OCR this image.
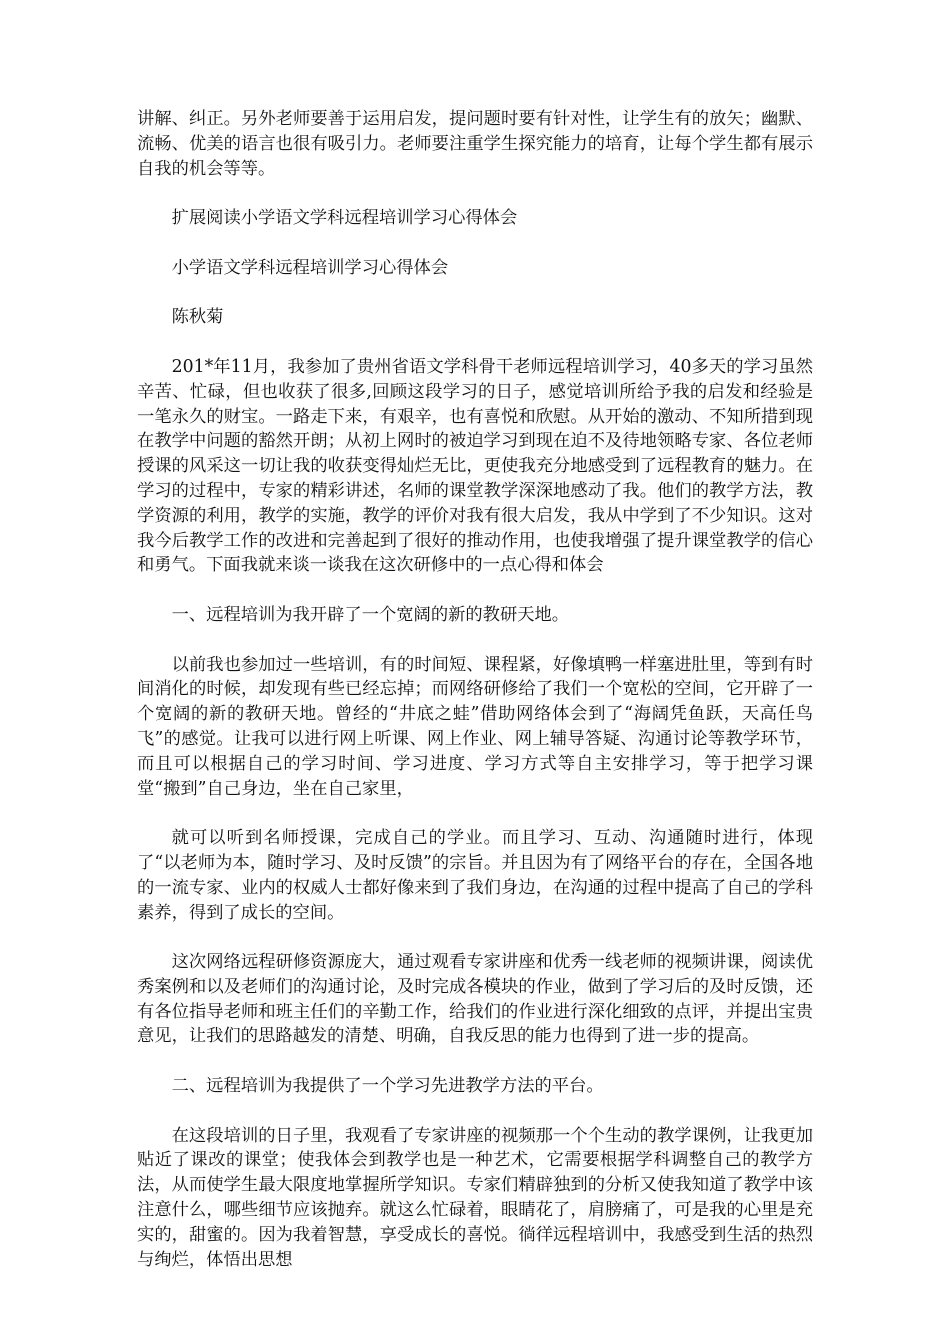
讲解、纠正。另外老师要善于运用启发，提问题时要有针对性，让学生有的放矢；幽默、流畅、优美的语言也很有吸引力。老师要注重学生探究能力的培育，让每个学生都有展示自我的机会等等。

扩展阅读小学语文学科远程培训学习心得体会

小学语文学科远程培训学习心得体会

陈秋菊

201*年11月，我参加了贵州省语文学科骨干老师远程培训学习，40多天的学习虽然辛苦、忙碌，但也收获了很多,回顾这段学习的日子，感觉培训所给予我的启发和经验是一笔永久的财宝。一路走下来，有艰辛，也有喜悦和欣慰。从开始的激动、不知所措到现在教学中问题的豁然开朗；从初上网时的被迫学习到现在迫不及待地领略专家、各位老师授课的风采这一切让我的收获变得灿烂无比，更使我充分地感受到了远程教育的魅力。在学习的过程中，专家的精彩讲述，名师的课堂教学深深地感动了我。他们的教学方法，教学资源的利用，教学的实施，教学的评价对我有很大启发，我从中学到了不少知识。这对我今后教学工作的改进和完善起到了很好的推动作用，也使我增强了提升课堂教学的信心和勇气。下面我就来谈一谈我在这次研修中的一点心得和体会

一、远程培训为我开辟了一个宽阔的新的教研天地。

以前我也参加过一些培训，有的时间短、课程紧，好像填鸭一样塞进肚里，等到有时间消化的时候，却发现有些已经忘掉；而网络研修给了我们一个宽松的空间，它开辟了一个宽阔的新的教研天地。曾经的“井底之蛙”借助网络体会到了“海阔凭鱼跃，天高任鸟飞”的感觉。让我可以进行网上听课、网上作业、网上辅导答疑、沟通讨论等教学环节，而且可以根据自己的学习时间、学习进度、学习方式等自主安排学习，等于把学习课堂“搬到”自己身边，坐在自己家里，

就可以听到名师授课，完成自己的学业。而且学习、互动、沟通随时进行，体现了“以老师为本，随时学习、及时反馈”的宗旨。并且因为有了网络平台的存在，全国各地的一流专家、业内的权威人士都好像来到了我们身边，在沟通的过程中提高了自己的学科素养，得到了成长的空间。

这次网络远程研修资源庞大，通过观看专家讲座和优秀一线老师的视频讲课，阅读优秀案例和以及老师们的沟通讨论，及时完成各模块的作业，做到了学习后的及时反馈，还有各位指导老师和班主任们的辛勤工作，给我们的作业进行深化细致的点评，并提出宝贵意见，让我们的思路越发的清楚、明确，自我反思的能力也得到了进一步的提高。

二、远程培训为我提供了一个学习先进教学方法的平台。

在这段培训的日子里，我观看了专家讲座的视频那一个个生动的教学课例，让我更加贴近了课改的课堂；使我体会到教学也是一种艺术，它需要根据学科调整自己的教学方法，从而使学生最大限度地掌握所学知识。专家们精辟独到的分析又使我知道了教学中该注意什么，哪些细节应该抛弃。就这么忙碌着，眼睛花了，肩膀痛了，可是我的心里是充实的，甜蜜的。因为我着智慧，享受成长的喜悦。徜徉远程培训中，我感受到生活的热烈与绚烂，体悟出思想
